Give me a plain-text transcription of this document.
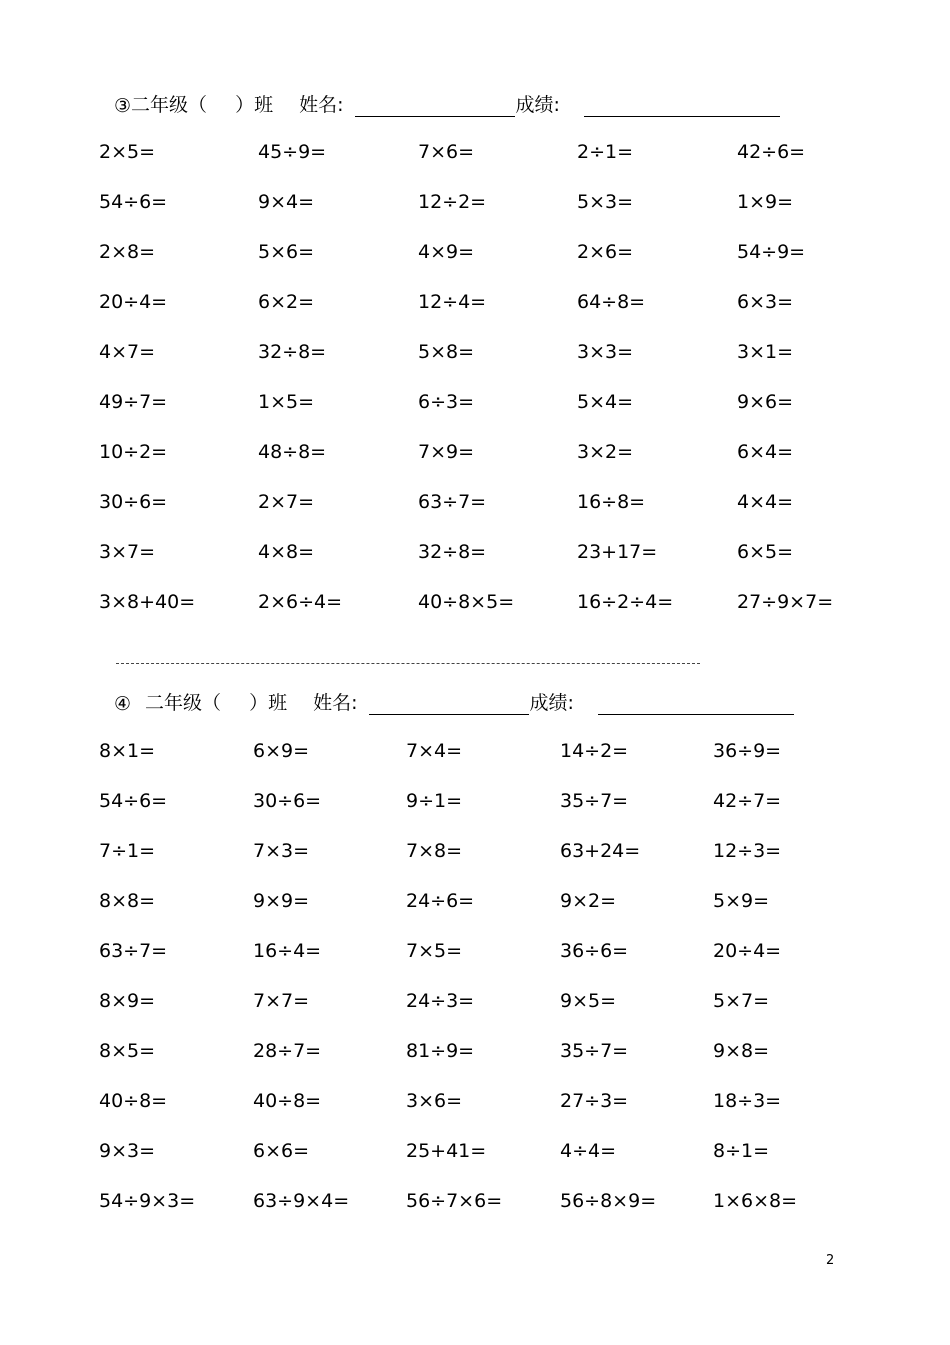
③ 二年级（ ）班 姓名:	成绩:
2×5=	45÷9=	7×6=	2÷1=	42÷6=
54÷6=	9×4=	12÷2=	5×3=	1×9=
2×8=	5×6=	4×9=	2×6=	54÷9=
20÷4=	6×2=	12÷4=	64÷8=	6×3=
4×7=	32÷8=	5×8=	3×3=	3×1=
49÷7=	1×5=	6÷3=	5×4=	9×6=
10÷2=	48÷8=	7×9=	3×2=	6×4=
30÷6=	2×7=	63÷7=	16÷8=	4×4=
3×7=	4×8=	32÷8=	23+17=	6×5=
3×8+40=	2×6÷4=	40÷8×5=	16÷2÷4=	27÷9×7=
④ 二年级（ ）班 姓名:	成绩:
8×1=	6×9=	7×4=	14÷2=	36÷9=
54÷6=	30÷6=	9÷1=	35÷7=	42÷7=
7÷1=	7×3=	7×8=	63+24=	12÷3=
8×8=	9×9=	24÷6=	9×2=	5×9=
63÷7=	16÷4=	7×5=	36÷6=	20÷4=
8×9=	7×7=	24÷3=	9×5=	5×7=
8×5=	28÷7=	81÷9=	35÷7=	9×8=
40÷8=	40÷8=	3×6=	27÷3=	18÷3=
9×3=	6×6=	25+41=	4÷4=	8÷1=
54÷9×3=	63÷9×4=	56÷7×6=	56÷8×9=	1×6×8=
2
